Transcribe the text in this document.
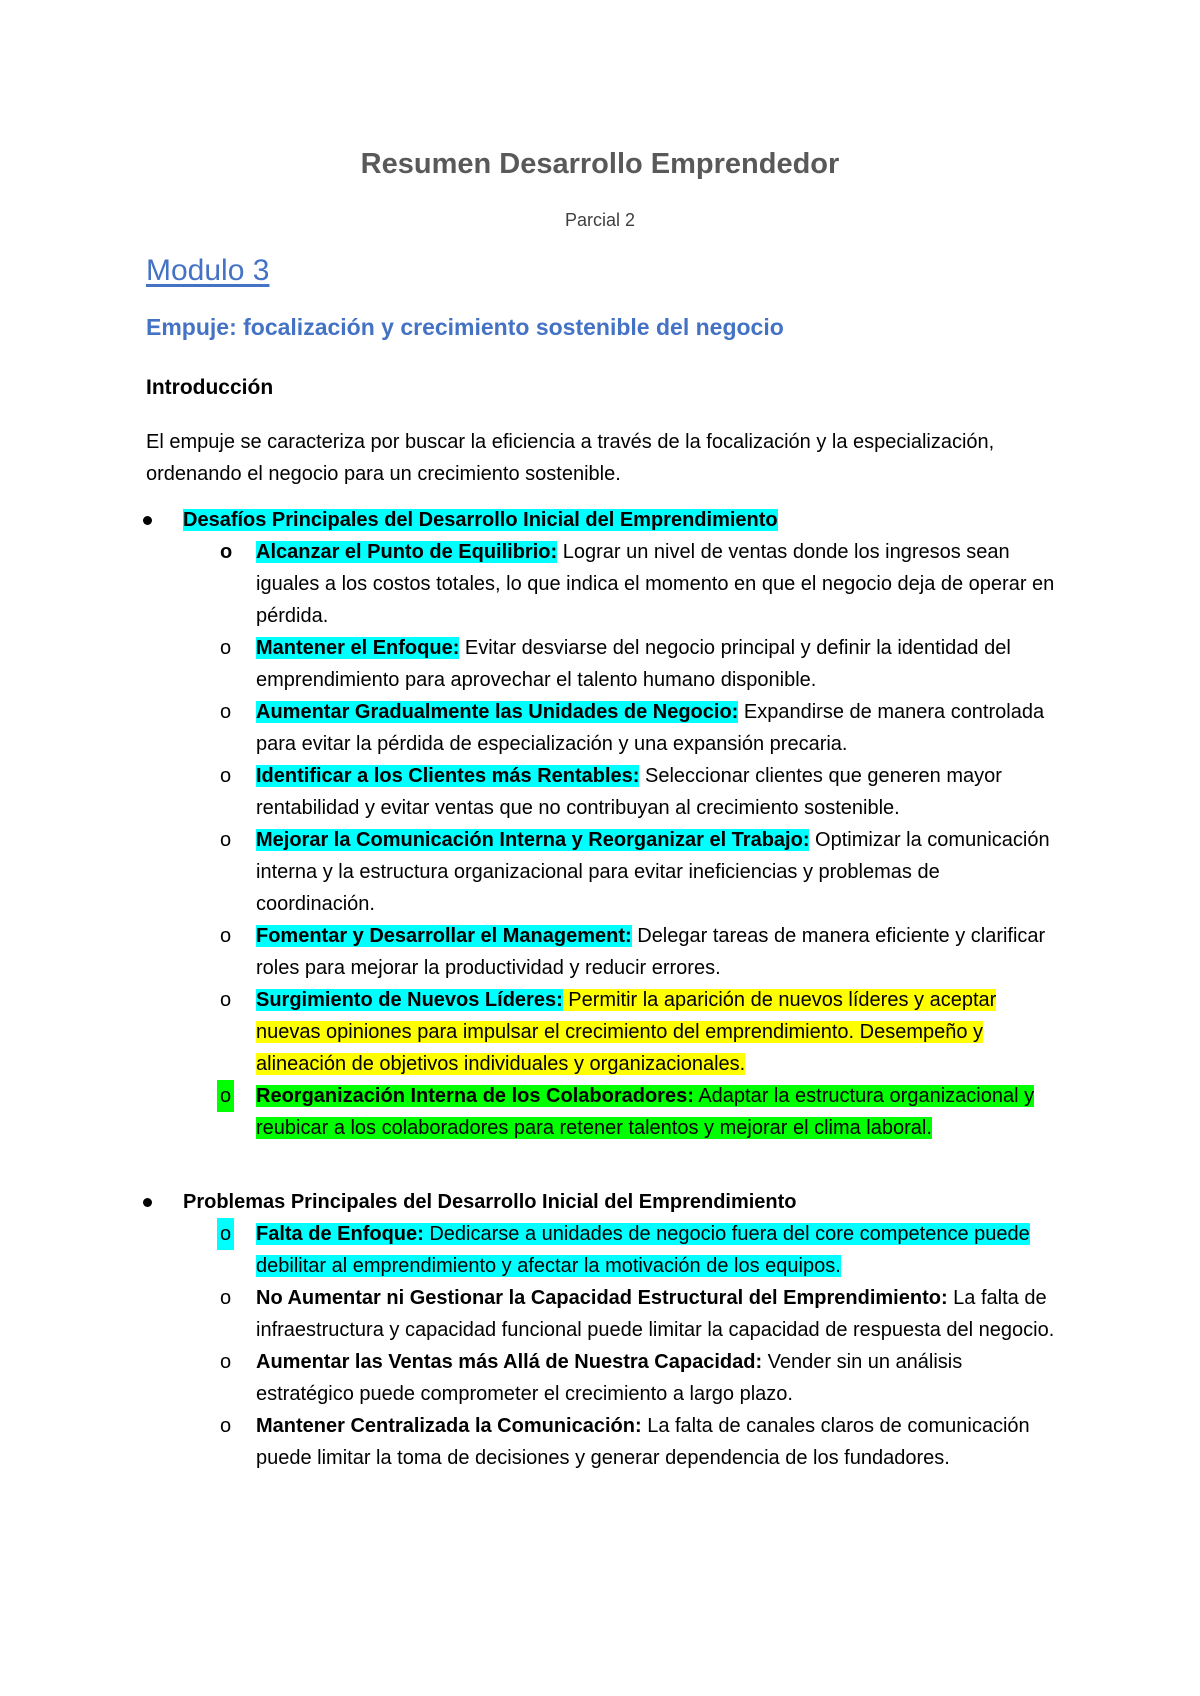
Resumen Desarrollo Emprendedor
Parcial 2
Modulo 3
Empuje: focalización y crecimiento sostenible del negocio
Introducción
El empuje se caracteriza por buscar la eficiencia a través de la focalización y la especialización, ordenando el negocio para un crecimiento sostenible.
Desafíos Principales del Desarrollo Inicial del Emprendimiento
o Alcanzar el Punto de Equilibrio: Lograr un nivel de ventas donde los ingresos sean iguales a los costos totales, lo que indica el momento en que el negocio deja de operar en pérdida.
o Mantener el Enfoque: Evitar desviarse del negocio principal y definir la identidad del emprendimiento para aprovechar el talento humano disponible.
o Aumentar Gradualmente las Unidades de Negocio: Expandirse de manera controlada para evitar la pérdida de especialización y una expansión precaria.
o Identificar a los Clientes más Rentables: Seleccionar clientes que generen mayor rentabilidad y evitar ventas que no contribuyan al crecimiento sostenible.
o Mejorar la Comunicación Interna y Reorganizar el Trabajo: Optimizar la comunicación interna y la estructura organizacional para evitar ineficiencias y problemas de coordinación.
o Fomentar y Desarrollar el Management: Delegar tareas de manera eficiente y clarificar roles para mejorar la productividad y reducir errores.
o Surgimiento de Nuevos Líderes: Permitir la aparición de nuevos líderes y aceptar nuevas opiniones para impulsar el crecimiento del emprendimiento. Desempeño y alineación de objetivos individuales y organizacionales.
o Reorganización Interna de los Colaboradores: Adaptar la estructura organizacional y reubicar a los colaboradores para retener talentos y mejorar el clima laboral.
Problemas Principales del Desarrollo Inicial del Emprendimiento
o Falta de Enfoque: Dedicarse a unidades de negocio fuera del core competence puede debilitar al emprendimiento y afectar la motivación de los equipos.
o No Aumentar ni Gestionar la Capacidad Estructural del Emprendimiento: La falta de infraestructura y capacidad funcional puede limitar la capacidad de respuesta del negocio.
o Aumentar las Ventas más Allá de Nuestra Capacidad: Vender sin un análisis estratégico puede comprometer el crecimiento a largo plazo.
o Mantener Centralizada la Comunicación: La falta de canales claros de comunicación puede limitar la toma de decisiones y generar dependencia de los fundadores.
